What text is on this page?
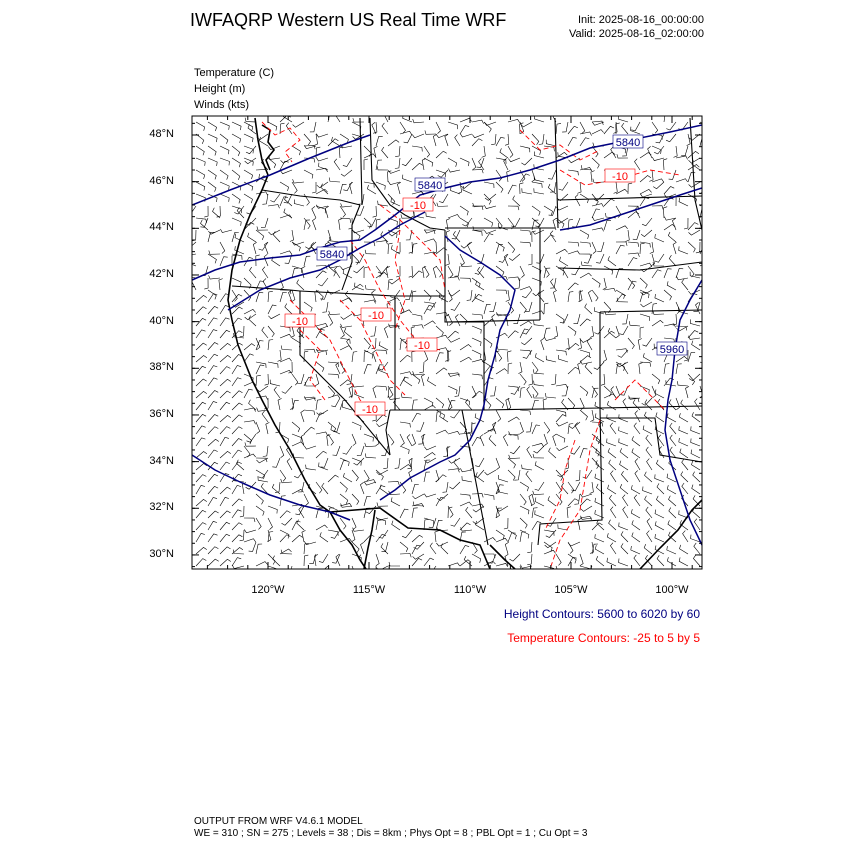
IWFAQRP Western US Real Time WRF	Init: 2025-08-16_00:00:00
Valid: 2025-08-16_02:00:00
Temperature (C)
Height (m)
Winds (kts)
-10	-10
-10
-10
-10
-10
5840
5840
5840
5960
48°N
46°N
44°N
42°N
40°N
38°N
36°N
34°N
32°N
30°N
120°W	115°W	110°W	105°W	100°W
Height Contours: 5600 to 6020 by 60
Temperature Contours: -25 to 5 by 5
OUTPUT FROM WRF V4.6.1 MODEL
WE = 310 ; SN = 275 ; Levels = 38 ; Dis = 8km ; Phys Opt = 8 ; PBL Opt = 1 ; Cu Opt = 3
